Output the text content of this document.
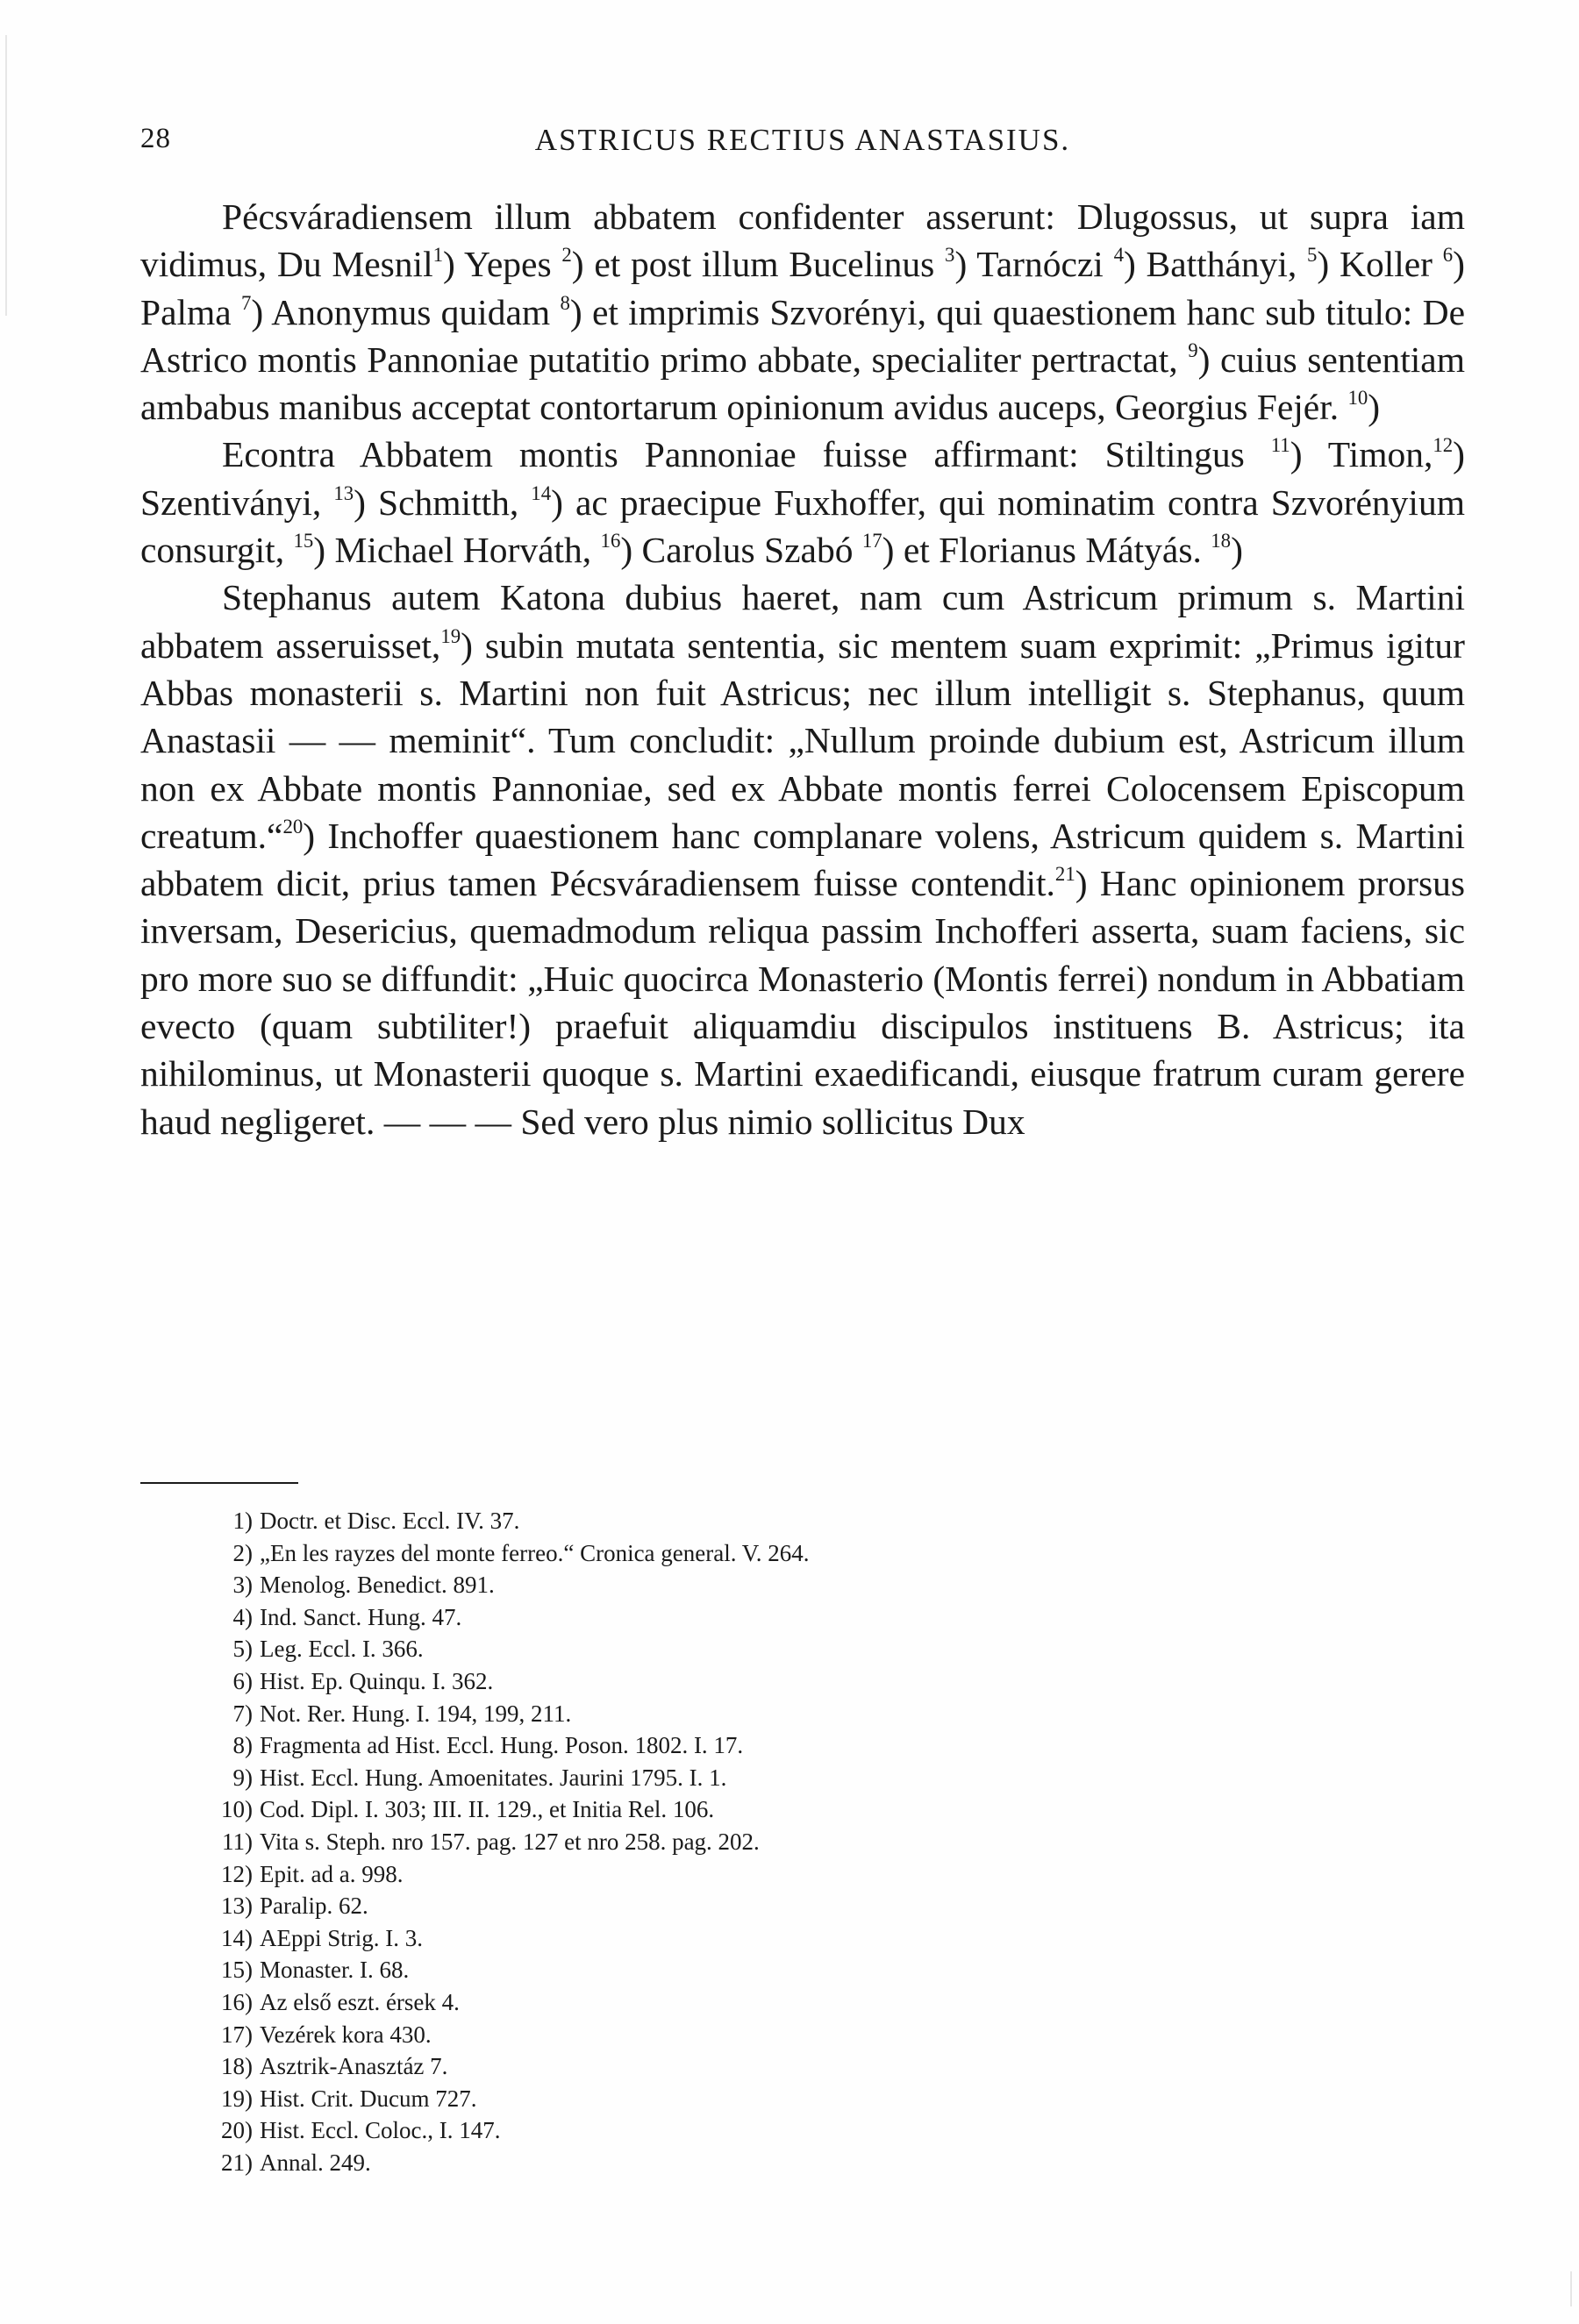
28	ASTRICUS RECTIUS ANASTASIUS.

Pécsváradiensem illum abbatem confidenter asserunt: Dlugossus, ut supra iam vidimus, Du Mesnil$^1$) Yepes $^2$) et post illum Bucelinus $^3$) Tarnóczi $^4$) Batthányi, $^5$) Koller $^6$) Palma $^7$) Anonymus quidam $^8$) et imprimis Szvorényi, qui quaestionem hanc sub titulo: De Astrico montis Pannoniae putatitio primo abbate, specialiter pertractat, $^9$) cuius sententiam ambabus manibus acceptat contortarum opinionum avidus auceps, Georgius Fejér. $^{10}$)

Econtra Abbatem montis Pannoniae fuisse affirmant: Stiltingus $^{11}$) Timon,$^{12}$) Szentiványi, $^{13}$) Schmitth, $^{14}$) ac praecipue Fuxhoffer, qui nominatim contra Szvorényium consurgit, $^{15}$) Michael Horváth, $^{16}$) Carolus Szabó $^{17}$) et Florianus Mátyás. $^{18}$)

Stephanus autem Katona dubius haeret, nam cum Astricum primum s. Martini abbatem asseruisset,$^{19}$) subin mutata sententia, sic mentem suam exprimit: „Primus igitur Abbas monasterii s. Martini non fuit Astricus; nec illum intelligit s. Stephanus, quum Anastasii — — meminit“. Tum concludit: „Nullum proinde dubium est, Astricum illum non ex Abbate montis Pannoniae, sed ex Abbate montis ferrei Colocensem Episcopum creatum.“$^{20}$) Inchoffer quaestionem hanc complanare volens, Astricum quidem s. Martini abbatem dicit, prius tamen Pécsváradiensem fuisse contendit.$^{21}$) Hanc opinionem prorsus inversam, Desericius, quemadmodum reliqua passim Inchofferi asserta, suam faciens, sic pro more suo se diffundit: „Huic quocirca Monasterio (Montis ferrei) nondum in Abbatiam evecto (quam subtiliter!) praefuit aliquamdiu discipulos instituens B. Astricus; ita nihilominus, ut Monasterii quoque s. Martini exaedificandi, eiusque fratrum curam gerere haud negligeret. — — — Sed vero plus nimio sollicitus Dux

1) Doctr. et Disc. Eccl. IV. 37.
2) „En les rayzes del monte ferreo.“ Cronica general. V. 264.
3) Menolog. Benedict. 891.
4) Ind. Sanct. Hung. 47.
5) Leg. Eccl. I. 366.
6) Hist. Ep. Quinqu. I. 362.
7) Not. Rer. Hung. I. 194, 199, 211.
8) Fragmenta ad Hist. Eccl. Hung. Poson. 1802. I. 17.
9) Hist. Eccl. Hung. Amoenitates. Jaurini 1795. I. 1.
10) Cod. Dipl. I. 303; III. II. 129., et Initia Rel. 106.
11) Vita s. Steph. nro 157. pag. 127 et nro 258. pag. 202.
12) Epit. ad a. 998.
13) Paralip. 62.
14) AEppi Strig. I. 3.
15) Monaster. I. 68.
16) Az első eszt. érsek 4.
17) Vezérek kora 430.
18) Asztrik-Anasztáz 7.
19) Hist. Crit. Ducum 727.
20) Hist. Eccl. Coloc., I. 147.
21) Annal. 249.
